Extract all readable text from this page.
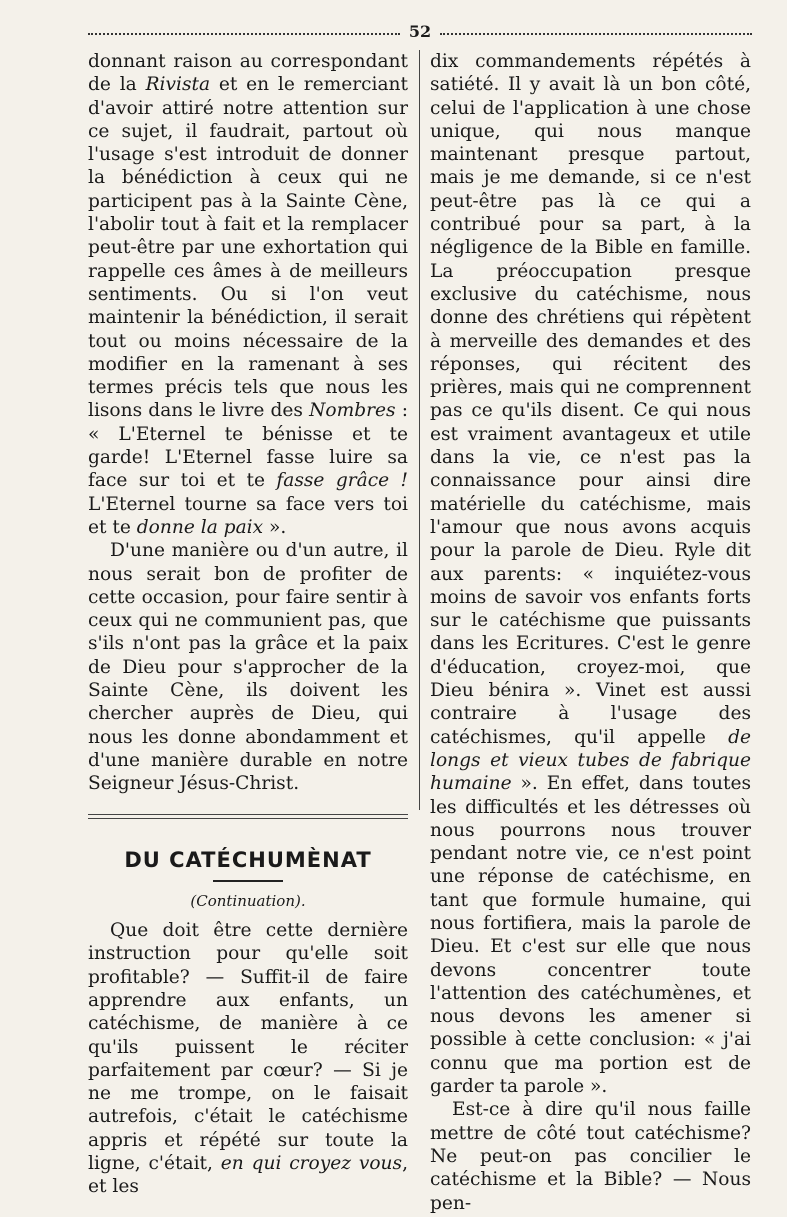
52

donnant raison au correspondant de la Rivista et en le remerciant d'avoir attiré notre attention sur ce sujet, il faudrait, partout où l'usage s'est introduit de donner la bénédiction à ceux qui ne participent pas à la Sainte Cène, l'abolir tout à fait et la remplacer peut-être par une exhortation qui rappelle ces âmes à de meilleurs sentiments. Ou si l'on veut maintenir la bénédiction, il serait tout ou moins nécessaire de la modifier en la ramenant à ses termes précis tels que nous les lisons dans le livre des Nombres : « L'Eternel te bénisse et te garde! L'Eternel fasse luire sa face sur toi et te fasse grâce ! L'Eternel tourne sa face vers toi et te donne la paix ».

D'une manière ou d'un autre, il nous serait bon de profiter de cette occasion, pour faire sentir à ceux qui ne communient pas, que s'ils n'ont pas la grâce et la paix de Dieu pour s'approcher de la Sainte Cène, ils doivent les chercher auprès de Dieu, qui nous les donne abondamment et d'une manière durable en notre Seigneur Jésus-Christ.

DU CATÉCHUMÈNAT
(Continuation).

Que doit être cette dernière instruction pour qu'elle soit profitable? — Suffit-il de faire apprendre aux enfants, un catéchisme, de manière à ce qu'ils puissent le réciter parfaitement par cœur? — Si je ne me trompe, on le faisait autrefois, c'était le catéchisme appris et répété sur toute la ligne, c'était, en qui croyez vous, et les

dix commandements répétés à satiété. Il y avait là un bon côté, celui de l'application à une chose unique, qui nous manque maintenant presque partout, mais je me demande, si ce n'est peut-être pas là ce qui a contribué pour sa part, à la négligence de la Bible en famille. La préoccupation presque exclusive du catéchisme, nous donne des chrétiens qui répètent à merveille des demandes et des réponses, qui récitent des prières, mais qui ne comprennent pas ce qu'ils disent. Ce qui nous est vraiment avantageux et utile dans la vie, ce n'est pas la connaissance pour ainsi dire matérielle du catéchisme, mais l'amour que nous avons acquis pour la parole de Dieu. Ryle dit aux parents: « inquiétez-vous moins de savoir vos enfants forts sur le catéchisme que puissants dans les Ecritures. C'est le genre d'éducation, croyez-moi, que Dieu bénira ». Vinet est aussi contraire à l'usage des catéchismes, qu'il appelle de longs et vieux tubes de fabrique humaine ». En effet, dans toutes les difficultés et les détresses où nous pourrons nous trouver pendant notre vie, ce n'est point une réponse de catéchisme, en tant que formule humaine, qui nous fortifiera, mais la parole de Dieu. Et c'est sur elle que nous devons concentrer toute l'attention des catéchumènes, et nous devons les amener si possible à cette conclusion: « j'ai connu que ma portion est de garder ta parole ».

Est-ce à dire qu'il nous faille mettre de côté tout catéchisme? Ne peut-on pas concilier le catéchisme et la Bible? — Nous pen-
